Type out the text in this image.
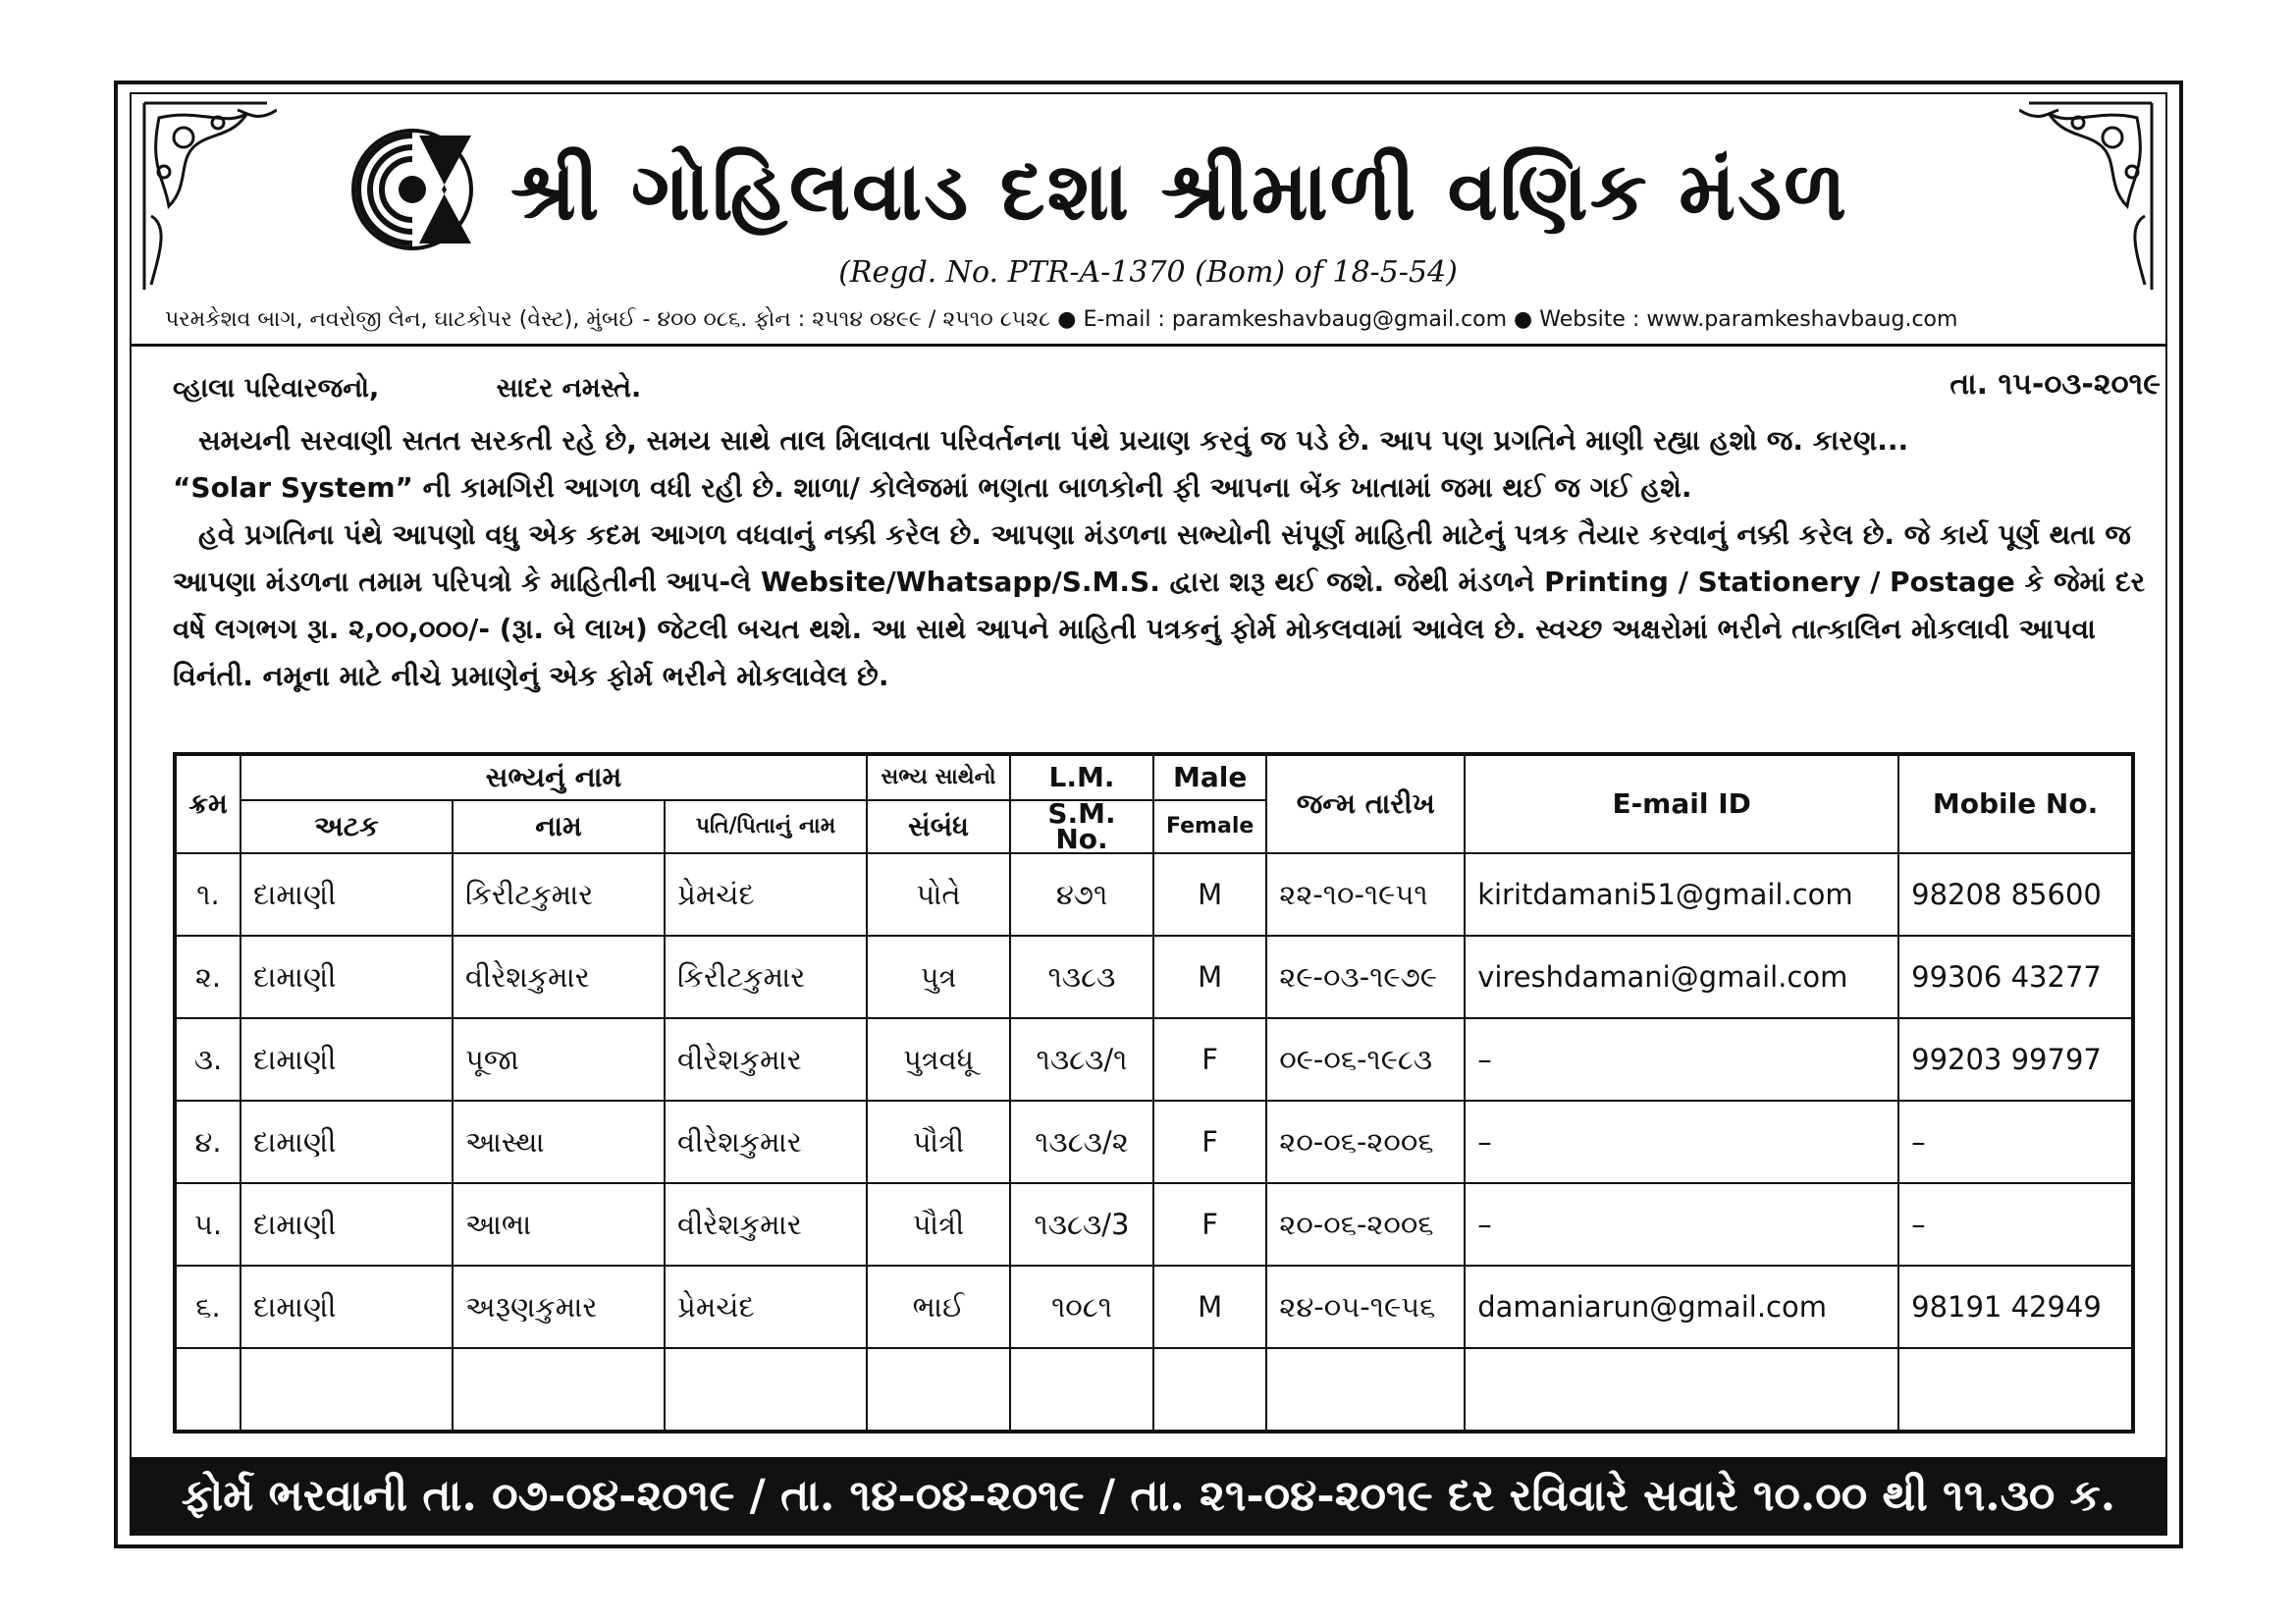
શ્રી ગોહિલવાડ દશા શ્રીમાળી વણિક મંડળ
(Regd. No. PTR-A-1370 (Bom) of 18-5-54)
પરમકેશવ બાગ, નવરોજી લેન, ઘાટકોપર (વેસ્ટ), મુંબઈ - ૪૦૦ ૦૮૬. ફોન : ૨૫૧૪ ૦૪૯૯ / ૨૫૧૦ ૮૫૨૮ ● E-mail : paramkeshavbaug@gmail.com ● Website : www.paramkeshavbaug.com
વ્હાલા પરિવારજનો,	સાદર નમસ્તે.	તા. ૧૫-૦૩-૨૦૧૯

સમયની સરવાણી સતત સરકતી રહે છે, સમય સાથે તાલ મિલાવતા પરિવર્તનના પંથે પ્રયાણ કરવું જ પડે છે. આપ પણ પ્રગતિને માણી રહ્યા હશો જ. કારણ...

“Solar System” ની કામગિરી આગળ વધી રહી છે. શાળા/ કોલેજમાં ભણતા બાળકોની ફી આપના બેંક ખાતામાં જમા થઈ જ ગઈ હશે.

હવે પ્રગતિના પંથે આપણો વધુ એક કદમ આગળ વધવાનું નક્કી કરેલ છે. આપણા મંડળના સભ્યોની સંપૂર્ણ માહિતી માટેનું પત્રક તૈયાર કરવાનું નક્કી કરેલ છે. જે કાર્ય પૂર્ણ થતા જ આપણા મંડળના તમામ પરિપત્રો કે માહિતીની આપ-લે Website/Whatsapp/S.M.S. દ્વારા શરૂ થઈ જશે. જેથી મંડળને Printing / Stationery / Postage કે જેમાં દર વર્ષે લગભગ રૂા. ૨,૦૦,૦૦૦/- (રૂા. બે લાખ) જેટલી બચત થશે. આ સાથે આપને માહિતી પત્રકનું ફોર્મ મોકલવામાં આવેલ છે. સ્વચ્છ અક્ષરોમાં ભરીને તાત્કાલિન મોકલાવી આપવા વિનંતી. નમૂના માટે નીચે પ્રમાણેનું એક ફોર્મ ભરીને મોકલાવેલ છે.

ક્રમ	સભ્યનું નામ			સભ્ય સાથેનો	L.M.	Male	જન્મ તારીખ	E-mail ID	Mobile No.
	અટક	નામ	પતિ/પિતાનું નામ	સંબંધ	S.M. No.	Female			
૧.	દામાણી	કિરીટકુમાર	પ્રેમચંદ	પોતે	૪૭૧	M	૨૨-૧૦-૧૯૫૧	kiritdamani51@gmail.com	98208 85600
૨.	દામાણી	વીરેશકુમાર	કિરીટકુમાર	પુત્ર	૧૩૮૩	M	૨૯-૦૩-૧૯૭૯	vireshdamani@gmail.com	99306 43277
૩.	દામાણી	પૂજા	વીરેશકુમાર	પુત્રવધૂ	૧૩૮૩/૧	F	૦૯-૦૬-૧૯૮૩	–	99203 99797
૪.	દામાણી	આસ્થા	વીરેશકુમાર	પૌત્રી	૧૩૮૩/૨	F	૨૦-૦૬-૨૦૦૬	–	–
૫.	દામાણી	આભા	વીરેશકુમાર	પૌત્રી	૧૩૮૩/3	F	૨૦-૦૬-૨૦૦૬	–	–
૬.	દામાણી	અરૂણકુમાર	પ્રેમચંદ	ભાઈ	૧૦૮૧	M	૨૪-૦૫-૧૯૫૬	damaniarun@gmail.com	98191 42949

ફોર્મ ભરવાની તા. ૦૭-૦૪-૨૦૧૯ / તા. ૧૪-૦૪-૨૦૧૯ / તા. ૨૧-૦૪-૨૦૧૯ દર રવિવારે સવારે ૧૦.૦૦ થી ૧૧.૩૦ ક.
